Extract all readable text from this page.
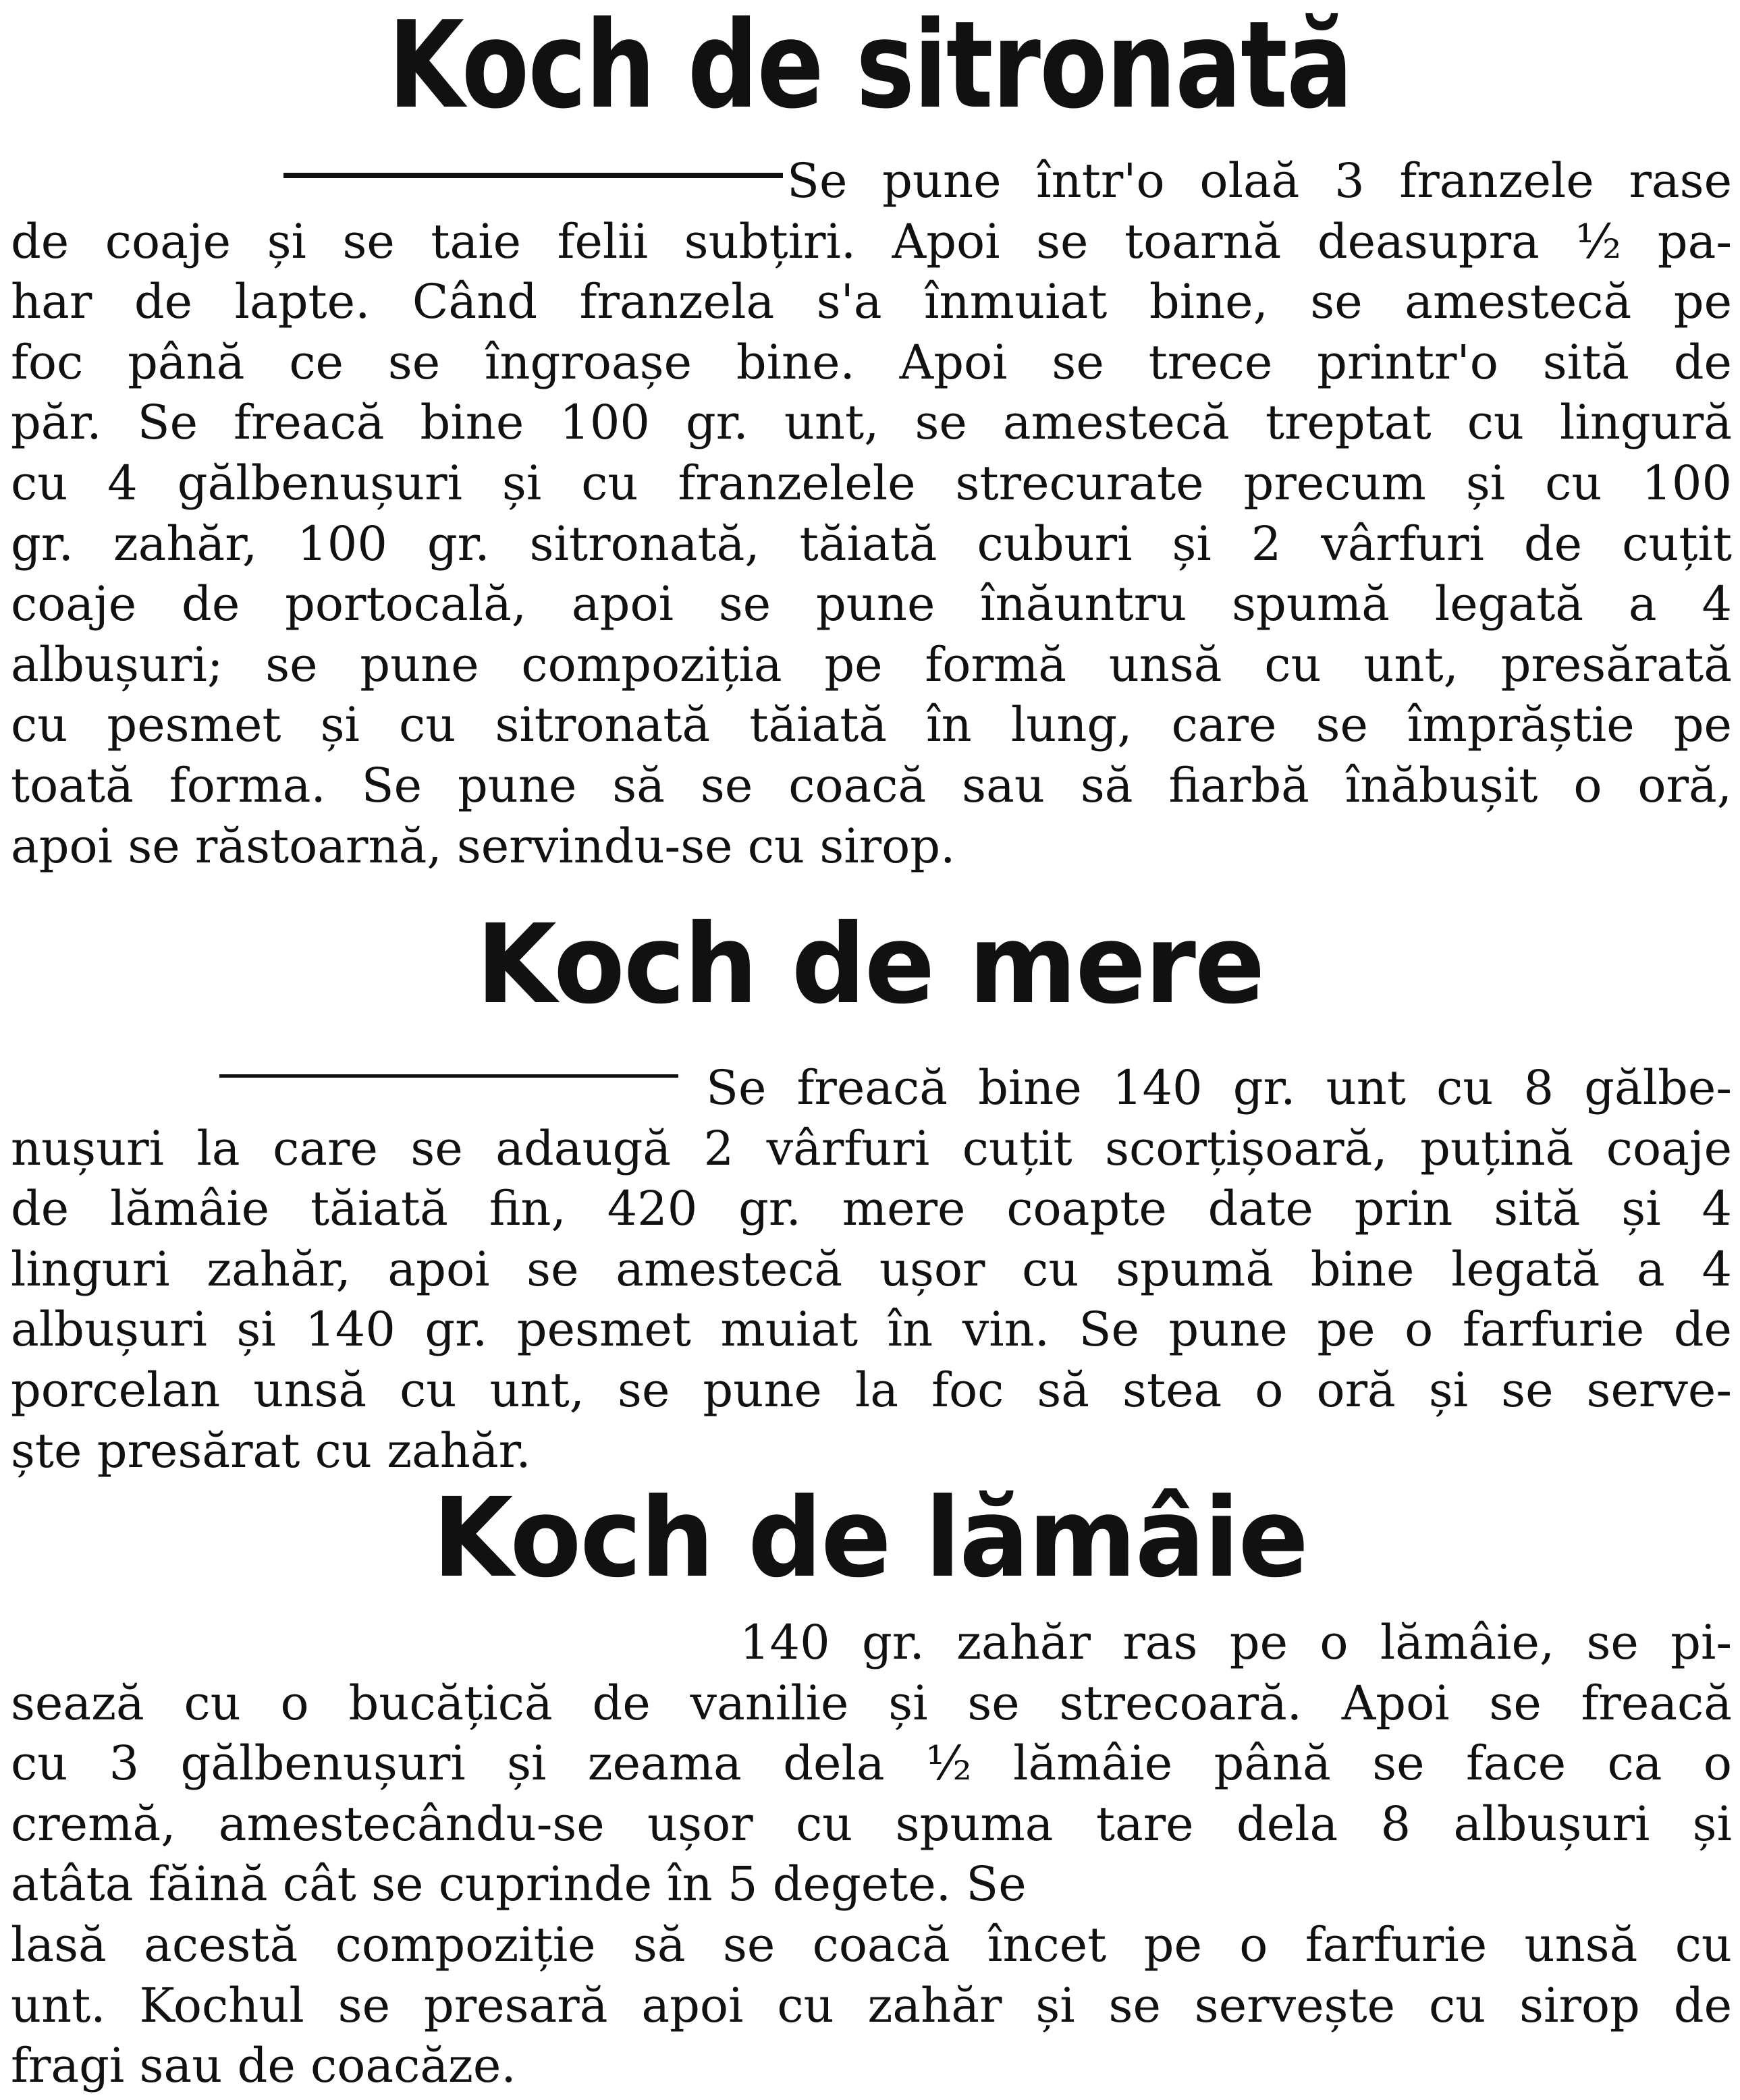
Koch de sitronată
Se pune într'o olaă 3 franzele rase
de coaje și se taie felii subțiri. Apoi se toarnă deasupra ½ pa-
har de lapte. Când franzela s'a înmuiat bine, se amestecă pe
foc până ce se îngroașe bine. Apoi se trece printr'o sită de
păr. Se freacă bine 100 gr. unt, se amestecă treptat cu lingură
cu 4 gălbenușuri și cu franzelele strecurate precum și cu 100
gr. zahăr, 100 gr. sitronată, tăiată cuburi și 2 vârfuri de cuțit
coaje de portocală, apoi se pune înăuntru spumă legată a 4
albușuri; se pune compoziția pe formă unsă cu unt, presărată
cu pesmet și cu sitronată tăiată în lung, care se împrăștie pe
toată forma. Se pune să se coacă sau să fiarbă înăbușit o oră,
apoi se răstoarnă, servindu-se cu sirop.
Koch de mere
Se freacă bine 140 gr. unt cu 8 gălbe-
nușuri la care se adaugă 2 vârfuri cuțit scorțișoară, puțină coaje
de lămâie tăiată fin, 420 gr. mere coapte date prin sită și 4
linguri zahăr, apoi se amestecă ușor cu spumă bine legată a 4
albușuri și 140 gr. pesmet muiat în vin. Se pune pe o farfurie de
porcelan unsă cu unt, se pune la foc să stea o oră și se serve-
ște presărat cu zahăr.
Koch de lămâie
140 gr. zahăr ras pe o lămâie, se pi-
sează cu o bucățică de vanilie și se strecoară. Apoi se freacă
cu 3 gălbenușuri și zeama dela ½ lămâie până se face ca o
cremă, amestecându-se ușor cu spuma tare dela 8 albușuri și
atâta făină cât se cuprinde în 5 degete. Se
lasă acestă compoziție să se coacă încet pe o farfurie unsă cu
unt. Kochul se presară apoi cu zahăr și se servește cu sirop de
fragi sau de coacăze.
